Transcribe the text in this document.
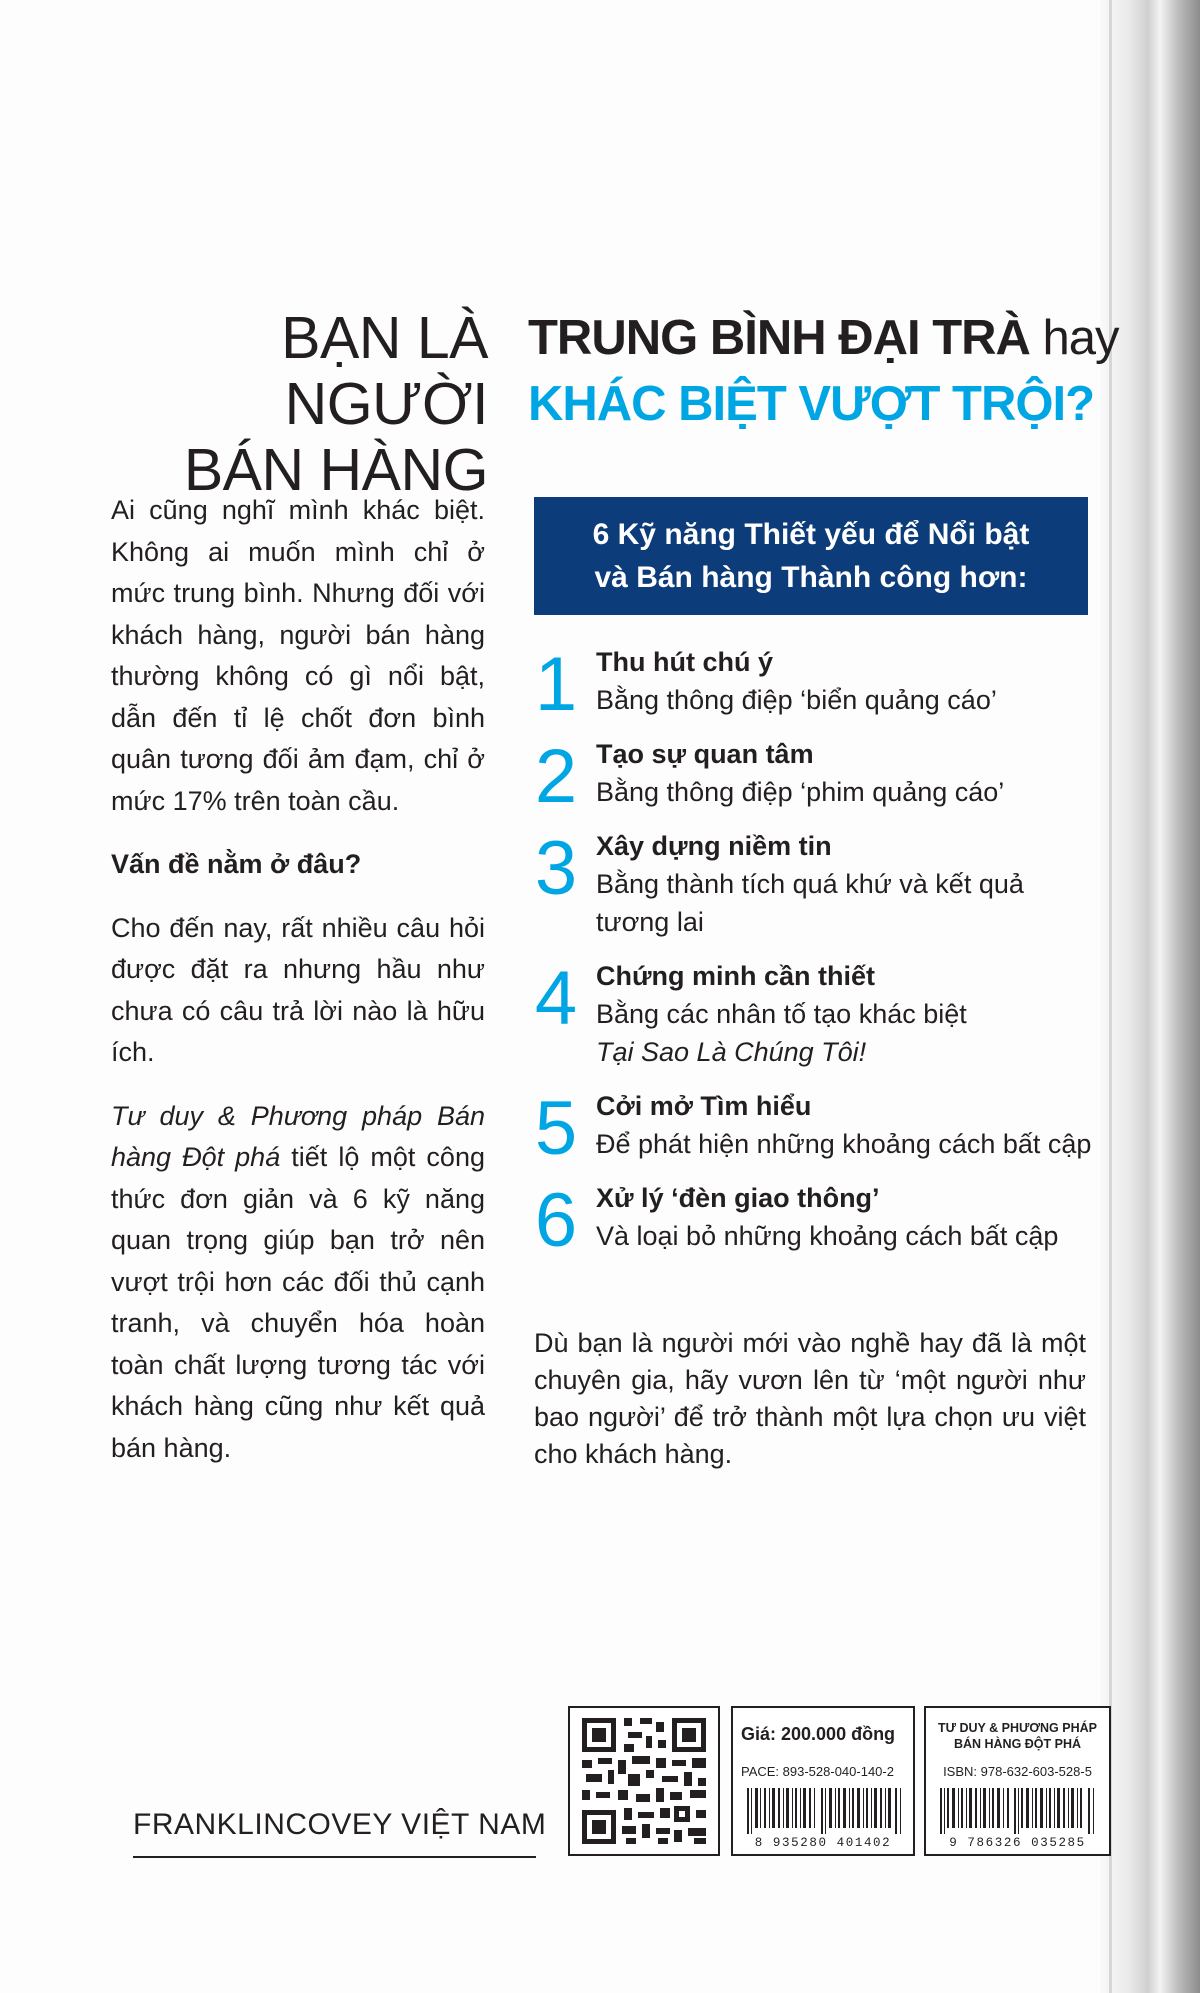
BẠN LÀ NGƯỜI
BÁN HÀNG
TRUNG BÌNH ĐẠI TRÀ hay
KHÁC BIỆT VƯỢT TRỘI?

Ai cũng nghĩ mình khác biệt. Không ai muốn mình chỉ ở mức trung bình. Nhưng đối với khách hàng, người bán hàng thường không có gì nổi bật, dẫn đến tỉ lệ chốt đơn bình quân tương đối ảm đạm, chỉ ở mức 17% trên toàn cầu.

Vấn đề nằm ở đâu?

Cho đến nay, rất nhiều câu hỏi được đặt ra nhưng hầu như chưa có câu trả lời nào là hữu ích.

Tư duy & Phương pháp Bán hàng Đột phá tiết lộ một công thức đơn giản và 6 kỹ năng quan trọng giúp bạn trở nên vượt trội hơn các đối thủ cạnh tranh, và chuyển hóa hoàn toàn chất lượng tương tác với khách hàng cũng như kết quả bán hàng.

6 Kỹ năng Thiết yếu để Nổi bật
và Bán hàng Thành công hơn:
1 Thu hút chú ý
Bằng thông điệp ‘biển quảng cáo’
2 Tạo sự quan tâm
Bằng thông điệp ‘phim quảng cáo’
3 Xây dựng niềm tin
Bằng thành tích quá khứ và kết quả tương lai
4 Chứng minh cần thiết
Bằng các nhân tố tạo khác biệt
Tại Sao Là Chúng Tôi!
5 Cởi mở Tìm hiểu
Để phát hiện những khoảng cách bất cập
6 Xử lý ‘đèn giao thông’
Và loại bỏ những khoảng cách bất cập
Dù bạn là người mới vào nghề hay đã là một chuyên gia, hãy vươn lên từ ‘một người như bao người’ để trở thành một lựa chọn ưu việt cho khách hàng.
FRANKLINCOVEY VIỆT NAM
Giá: 200.000 đồng
PACE: 893-528-040-140-2
8 935280 401402
TƯ DUY & PHƯƠNG PHÁP BÁN HÀNG ĐỘT PHÁ
ISBN: 978-632-603-528-5
9 786326 035285
